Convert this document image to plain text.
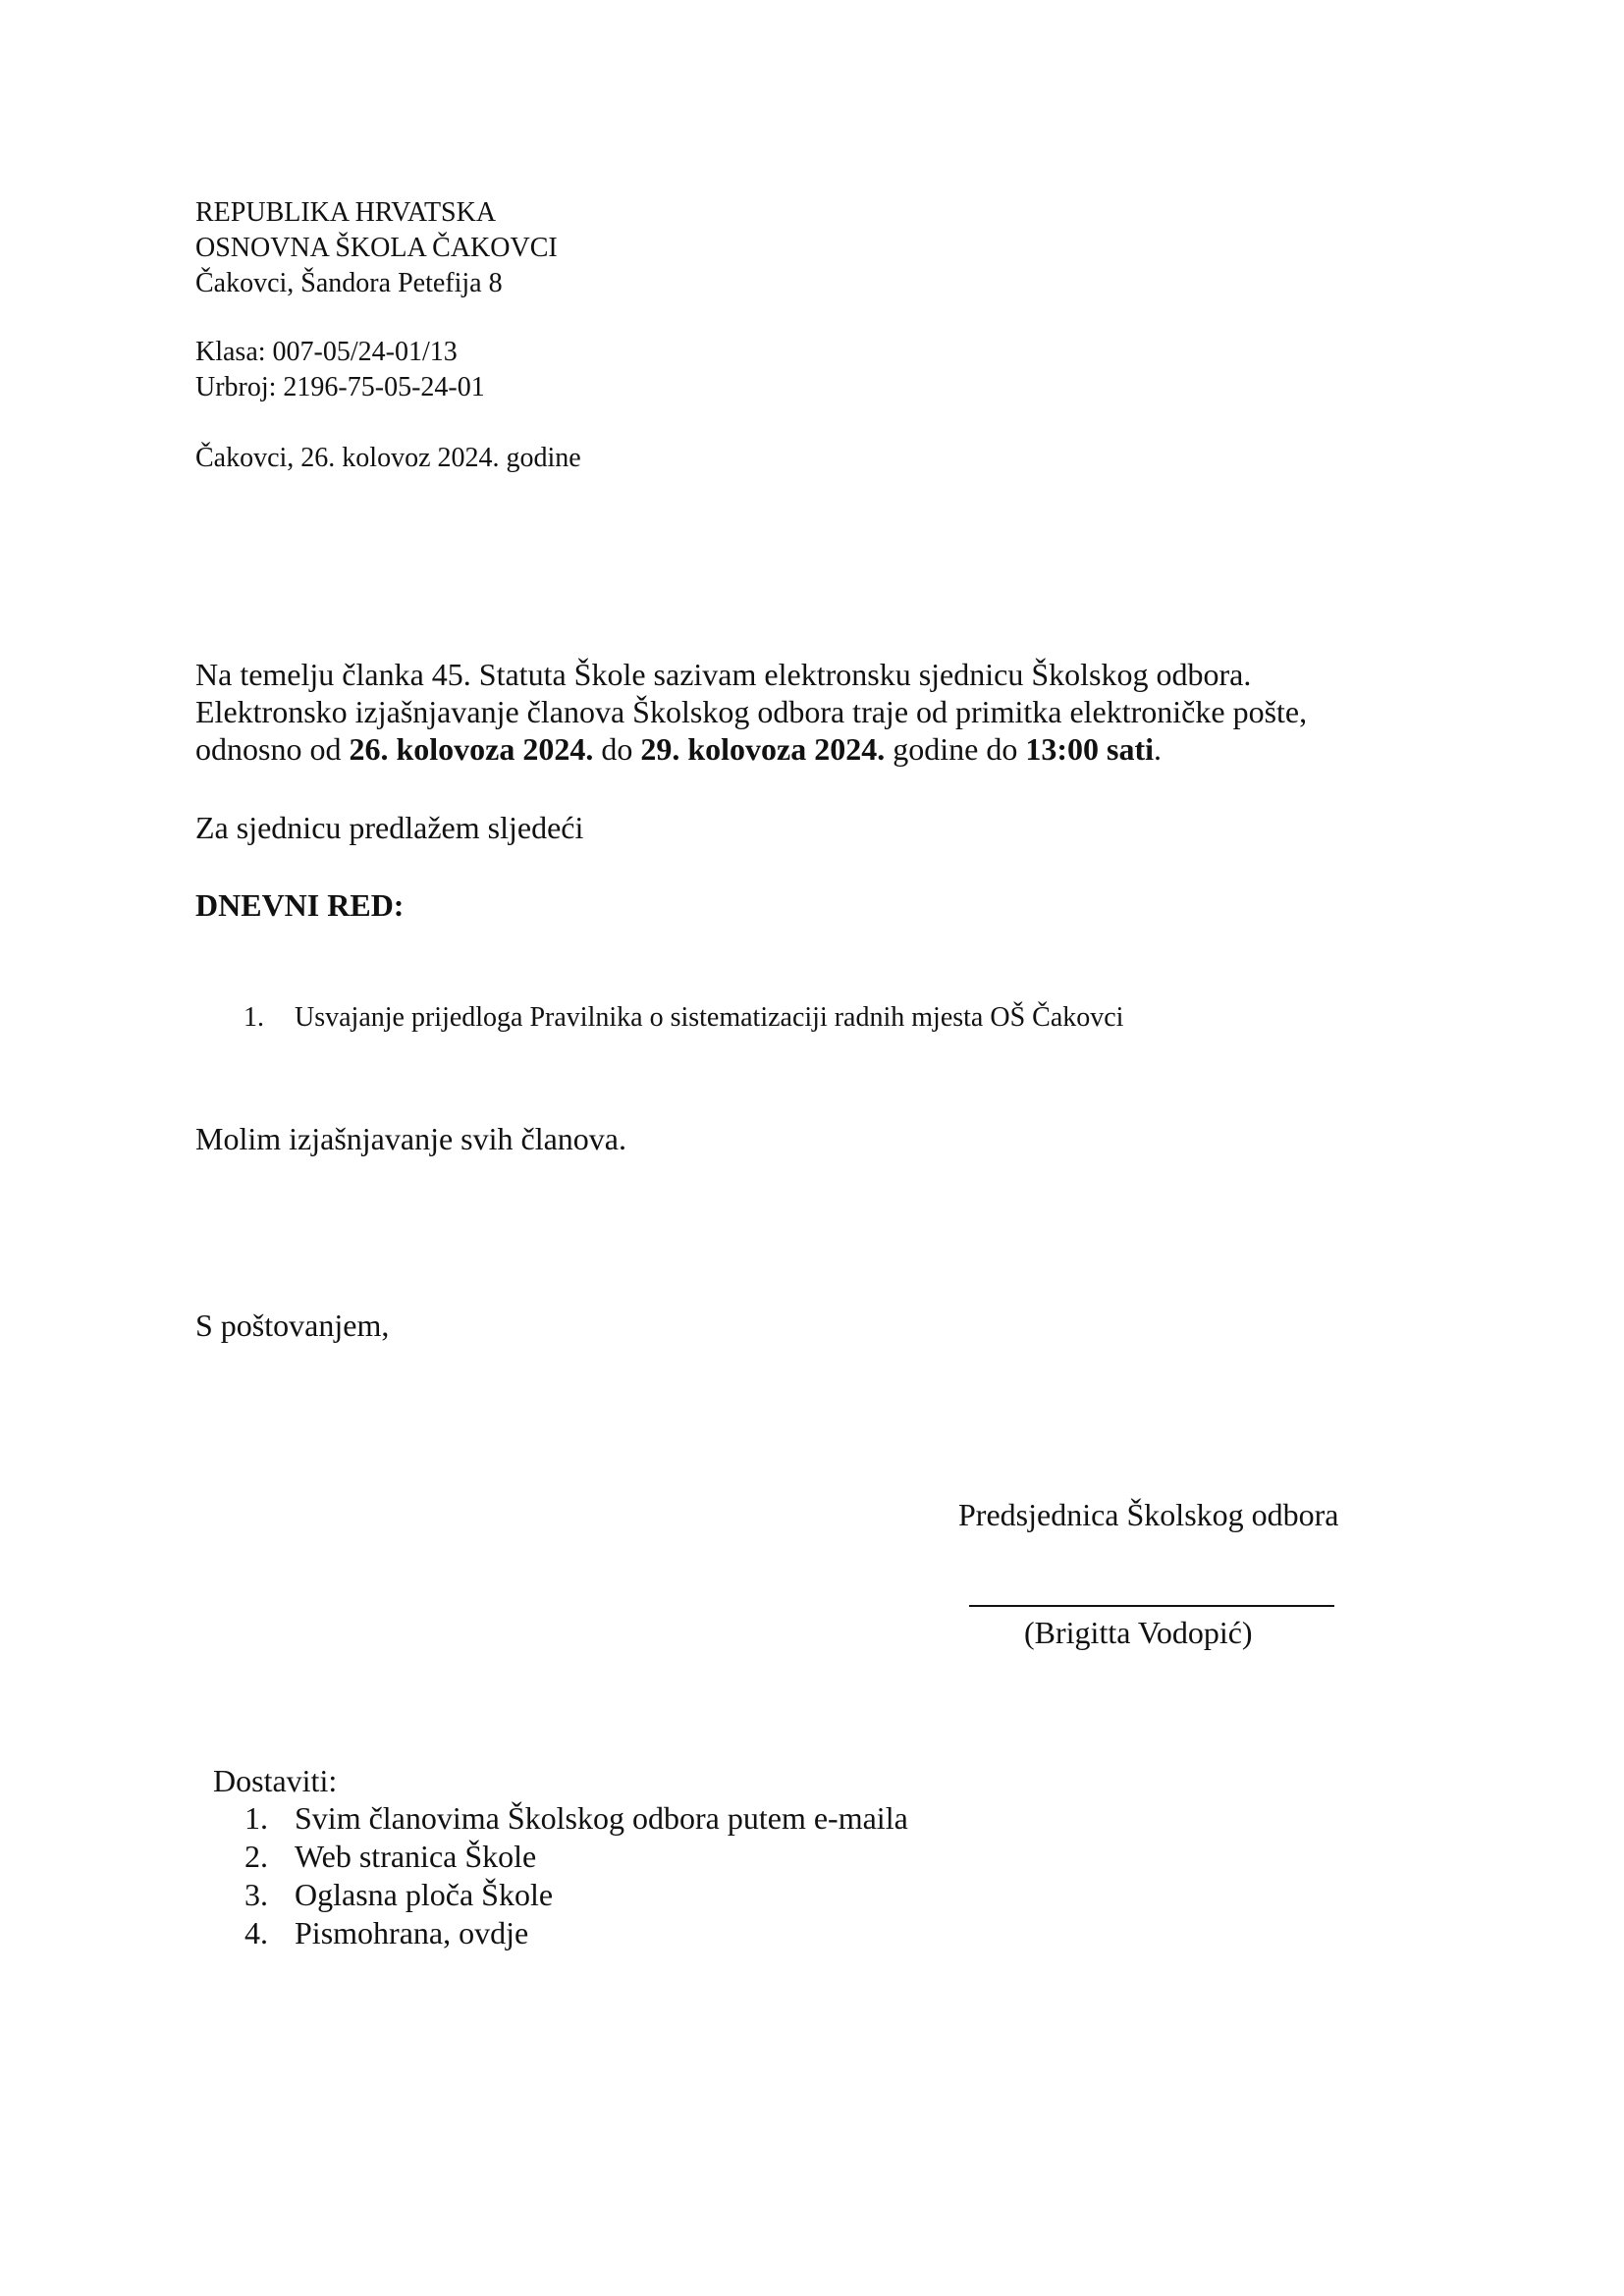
REPUBLIKA HRVATSKA
OSNOVNA ŠKOLA ČAKOVCI
Čakovci, Šandora Petefija 8
Klasa: 007-05/24-01/13
Urbroj: 2196-75-05-24-01
Čakovci, 26. kolovoz 2024. godine
Na temelju članka 45. Statuta Škole sazivam elektronsku sjednicu Školskog odbora.
Elektronsko izjašnjavanje članova Školskog odbora traje od primitka elektroničke pošte,
odnosno od 26. kolovoza 2024. do 29. kolovoza 2024. godine do 13:00 sati.
Za sjednicu predlažem sljedeći
DNEVNI RED:
1. Usvajanje prijedloga Pravilnika o sistematizaciji radnih mjesta OŠ Čakovci
Molim izjašnjavanje svih članova.
S poštovanjem,
Predsjednica Školskog odbora
(Brigitta Vodopić)
Dostaviti:
1. Svim članovima Školskog odbora putem e-maila
2. Web stranica Škole
3. Oglasna ploča Škole
4. Pismohrana, ovdje
